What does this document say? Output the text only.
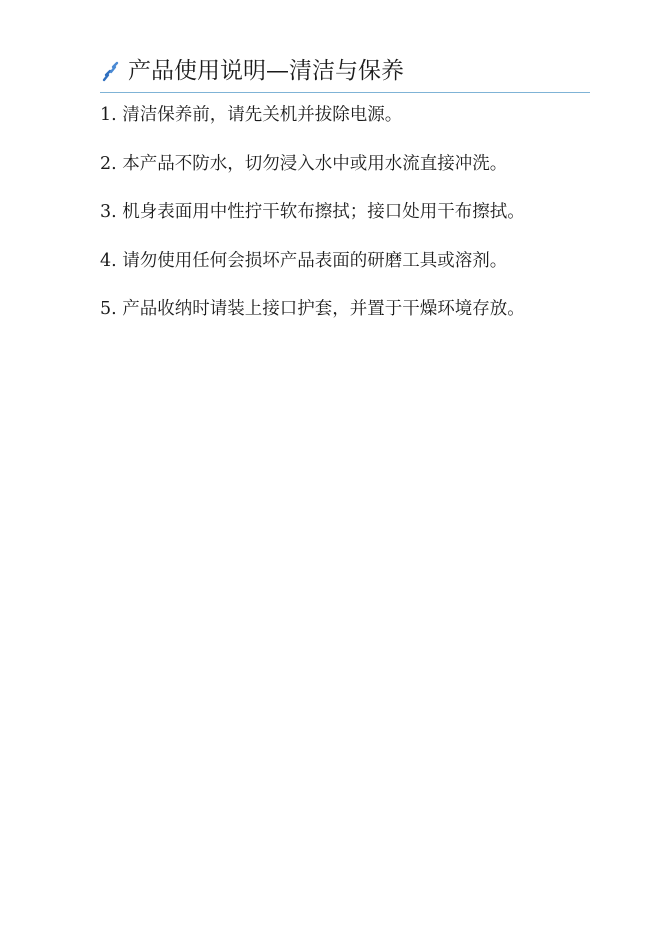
产品使用说明—清洁与保养
1. 清洁保养前，请先关机并拔除电源。
2. 本产品不防水，切勿浸入水中或用水流直接冲洗。
3. 机身表面用中性拧干软布擦拭；接口处用干布擦拭。
4. 请勿使用任何会损坏产品表面的研磨工具或溶剂。
5. 产品收纳时请装上接口护套，并置于干燥环境存放。
